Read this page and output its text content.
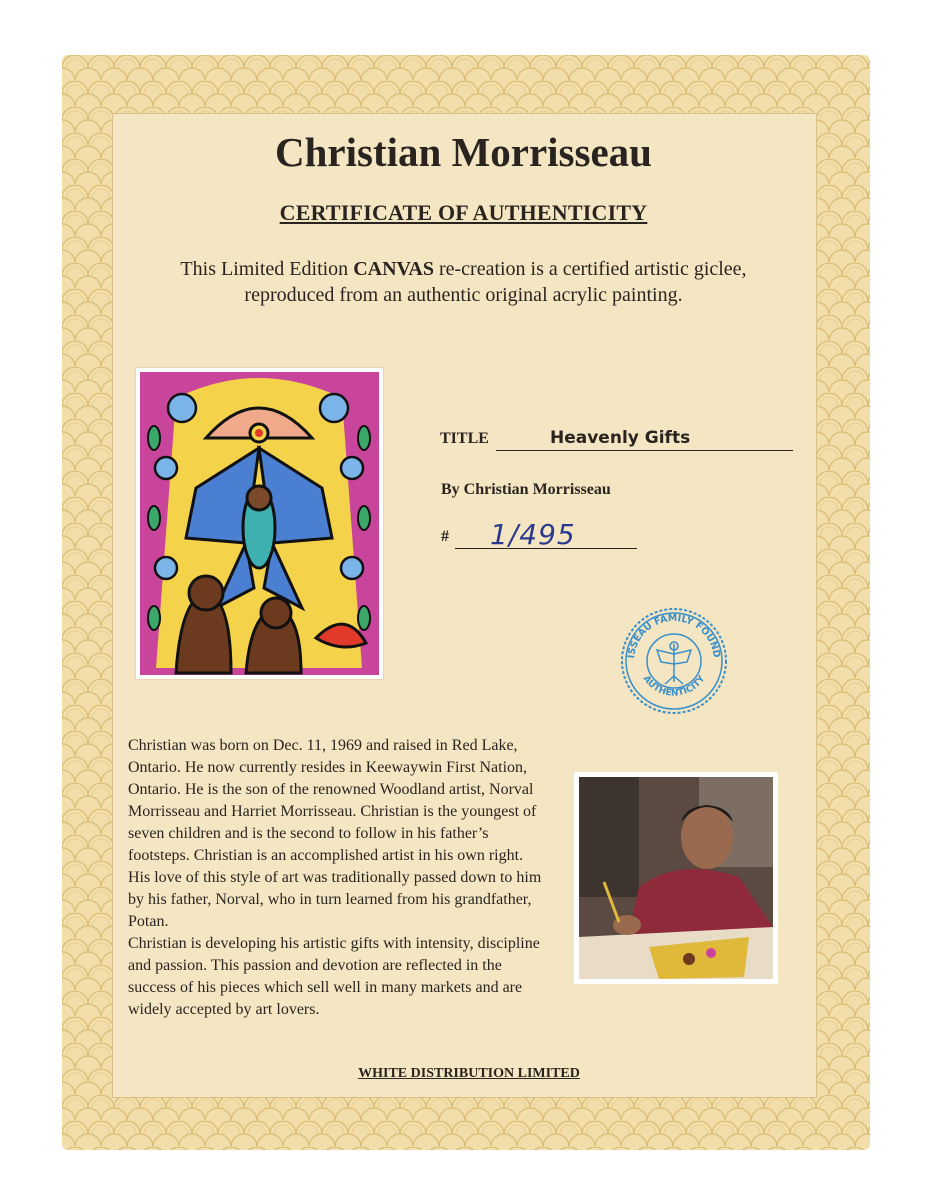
Christian Morrisseau
CERTIFICATE OF AUTHENTICITY
This Limited Edition CANVAS re-creation is a certified artistic giclee,
reproduced from an authentic original acrylic painting.
TITLE	Heavenly Gifts
By Christian Morrisseau
# 1/495
ISSEAU FAMILY FOUND
AUTHENTICITY

Christian was born on Dec. 11, 1969 and raised in Red Lake, Ontario. He now currently resides in Keewaywin First Nation, Ontario. He is the son of the renowned Woodland artist, Norval Morrisseau and Harriet Morrisseau. Christian is the youngest of seven children and is the second to follow in his father’s footsteps. Christian is an accomplished artist in his own right. His love of this style of art was traditionally passed down to him by his father, Norval, who in turn learned from his grandfather, Potan.

Christian is developing his artistic gifts with intensity, discipline and passion. This passion and devotion are reflected in the success of his pieces which sell well in many markets and are widely accepted by art lovers.

WHITE DISTRIBUTION LIMITED
